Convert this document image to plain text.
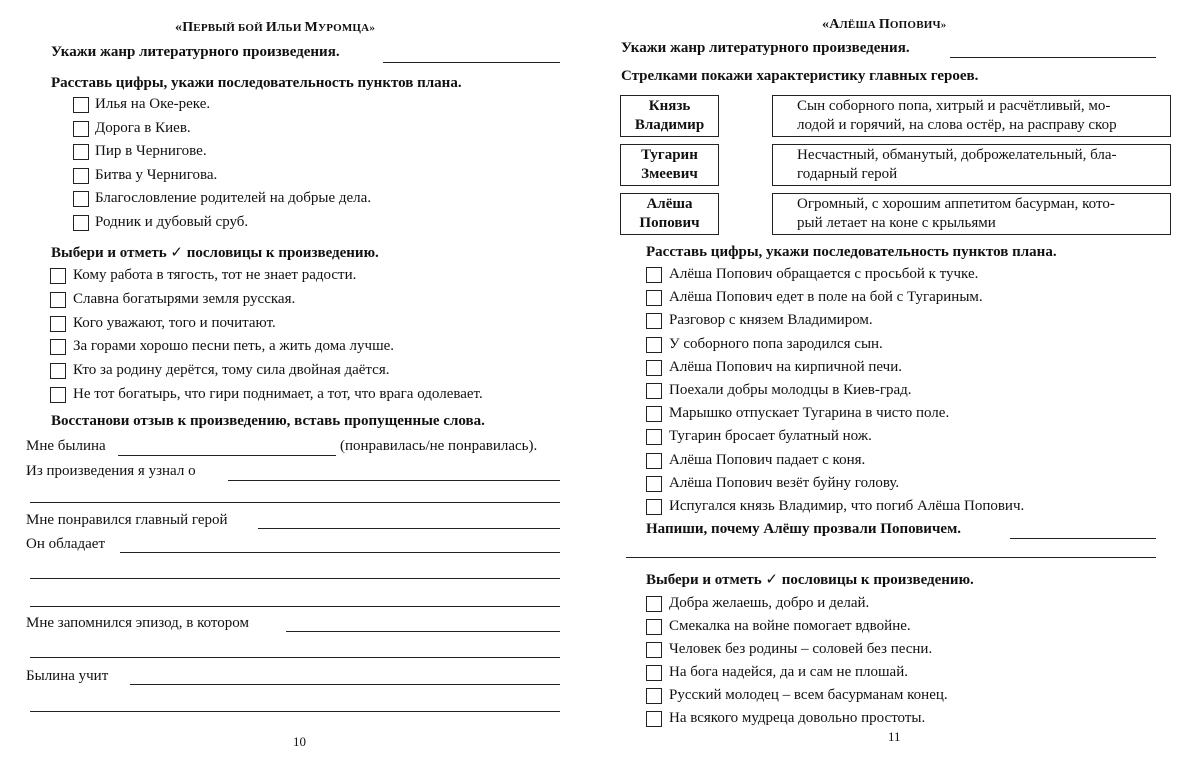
«ПЕРВЫЙ БОЙ ИЛЬИ МУРОМЦА»
Укажи жанр литературного произведения.
Расставь цифры, укажи последовательность пунктов плана.
Илья на Оке-реке.
Дорога в Киев.
Пир в Чернигове.
Битва у Чернигова.
Благословление родителей на добрые дела.
Родник и дубовый сруб.
Выбери и отметь ✓ пословицы к произведению.
Кому работа в тягость, тот не знает радости.
Славна богатырями земля русская.
Кого уважают, того и почитают.
За горами хорошо песни петь, а жить дома лучше.
Кто за родину дерётся, тому сила двойная даётся.
Не тот богатырь, что гири поднимает, а тот, что врага одолевает.
Восстанови отзыв к произведению, вставь пропущенные слова.
Мне былина	(понравилась/не понравилась).
Из произведения я узнал о
Мне понравился главный герой
Он обладает
Мне запомнился эпизод, в котором
Былина учит
10
«АЛЁША ПОПОВИЧ»
Укажи жанр литературного произведения.
Стрелками покажи характеристику главных героев.
Князь
Владимир
Тугарин
Змеевич
Алёша
Попович
Сын соборного попа, хитрый и расчётливый, мо-
лодой и горячий, на слова остёр, на расправу скор
Несчастный, обманутый, доброжелательный, бла-
годарный герой
Огромный, с хорошим аппетитом басурман, кото-
рый летает на коне с крыльями
Расставь цифры, укажи последовательность пунктов плана.
Алёша Попович обращается с просьбой к тучке.
Алёша Попович едет в поле на бой с Тугариным.
Разговор с князем Владимиром.
У соборного попа зародился сын.
Алёша Попович на кирпичной печи.
Поехали добры молодцы в Киев-град.
Марышко отпускает Тугарина в чисто поле.
Тугарин бросает булатный нож.
Алёша Попович падает с коня.
Алёша Попович везёт буйну голову.
Испугался князь Владимир, что погиб Алёша Попович.
Напиши, почему Алёшу прозвали Поповичем.
Выбери и отметь ✓ пословицы к произведению.
Добра желаешь, добро и делай.
Смекалка на войне помогает вдвойне.
Человек без родины – соловей без песни.
На бога надейся, да и сам не плошай.
Русский молодец – всем басурманам конец.
На всякого мудреца довольно простоты.
11
